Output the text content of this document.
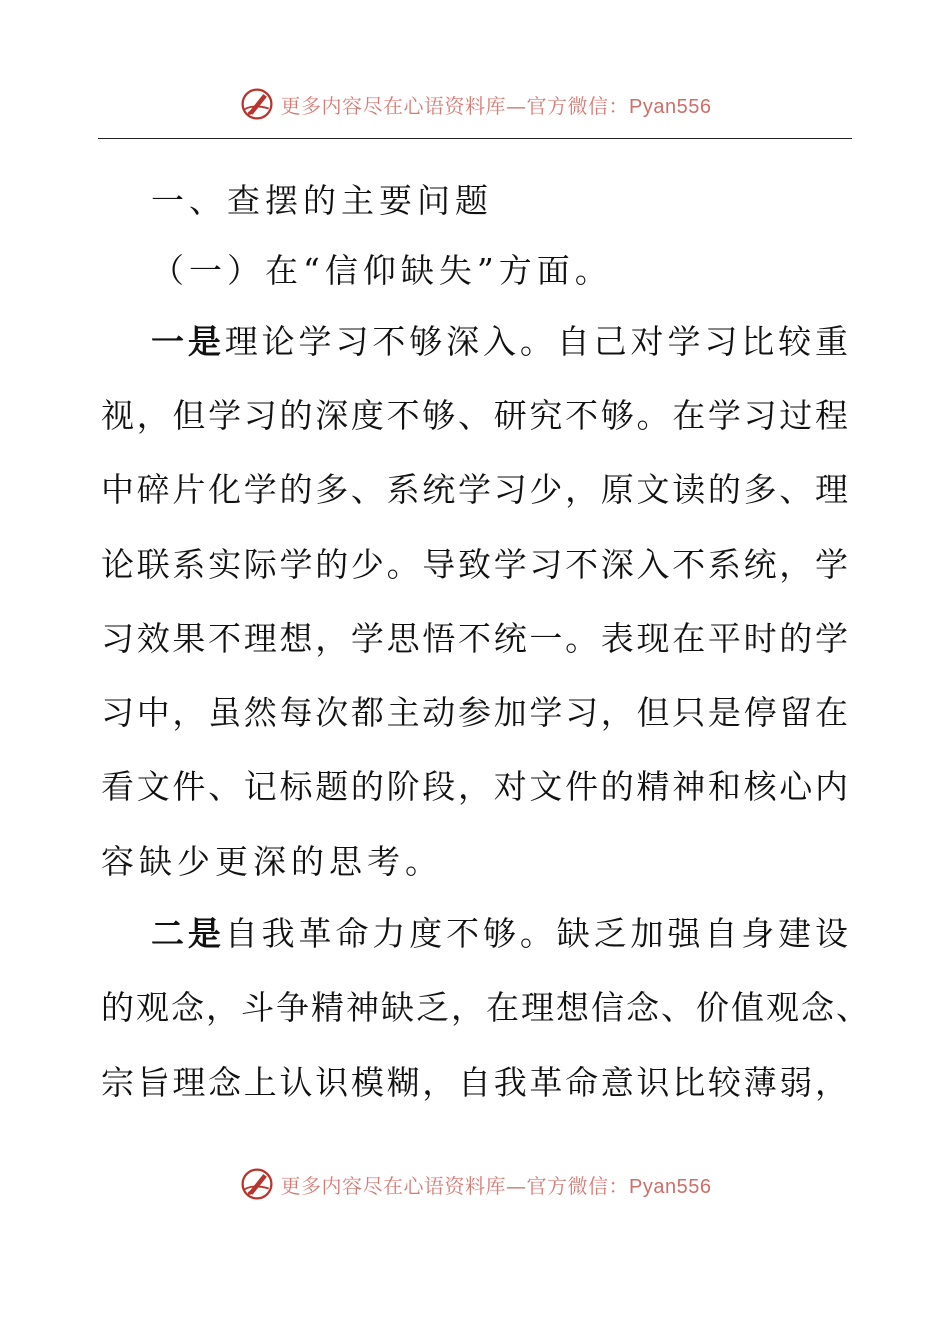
更多内容尽在心语资料库—官方微信：Pyan556
一、查摆的主要问题
（一）在“信仰缺失”方面。
一是理论学习不够深入。自己对学习比较重
视，但学习的深度不够、研究不够。在学习过程
中碎片化学的多、系统学习少，原文读的多、理
论联系实际学的少。导致学习不深入不系统，学
习效果不理想，学思悟不统一。表现在平时的学
习中，虽然每次都主动参加学习，但只是停留在
看文件、记标题的阶段，对文件的精神和核心内
容缺少更深的思考。
二是自我革命力度不够。缺乏加强自身建设
的观念，斗争精神缺乏，在理想信念、价值观念、
宗旨理念上认识模糊，自我革命意识比较薄弱，
更多内容尽在心语资料库—官方微信：Pyan556
